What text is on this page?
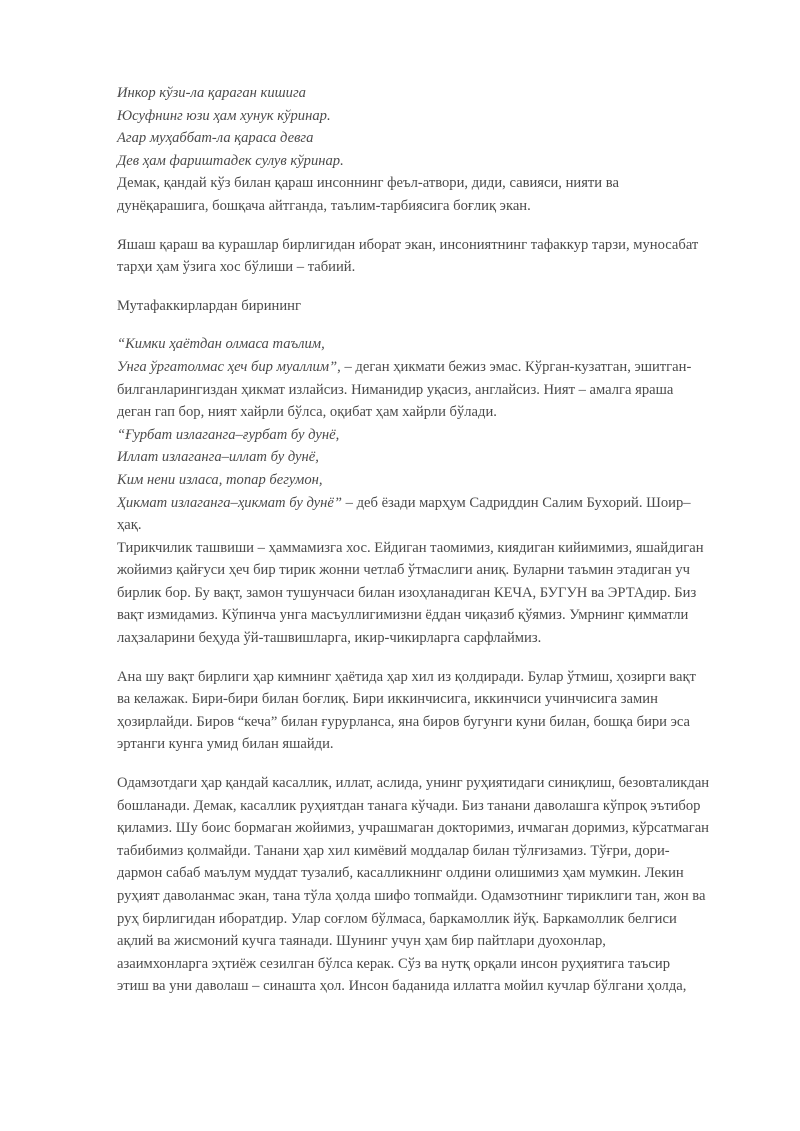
Инкор кўзи-ла қараган кишига
Юсуфнинг юзи ҳам хунук кўринар.
Агар муҳаббат-ла қараса девга
Дев ҳам фариштадек сулув кўринар.
Демак, қандай кўз билан қараш инсоннинг феъл-атвори, диди, савияси, нияти ва
дунёқарашига, бошқача айтганда, таълим-тарбиясига боғлиқ экан.
Яшаш қараш ва курашлар бирлигидан иборат экан, инсониятнинг тафаккур тарзи, муносабат
тарҳи ҳам ўзига хос бўлиши – табиий.
Мутафаккирлардан бирининг
“Кимки ҳаётдан олмаса таълим,
Унга ўргатолмас ҳеч бир муаллим”, – деган ҳикмати бежиз эмас. Кўрган-кузатган, эшитган-
билганларингиздан ҳикмат излайсиз. Ниманидир уқасиз, англайсиз. Ният – амалга ярашa
деган гап бор, ният хайрли бўлса, оқибат ҳам хайрли бўлади.
“Ғурбат излаганга–ғурбат бу дунё,
Иллат излаганга–иллат бу дунё,
Ким нени изласа, топар бегумон,
Ҳикмат излаганга–ҳикмат бу дунё” – деб ёзади марҳум Садриддин Салим Бухорий. Шоир–
ҳақ.
Тирикчилик ташвиши – ҳаммамизга хос. Ейдиган таомимиз, киядиган кийимимиз, яшайдиган
жойимиз қайғуси ҳеч бир тирик жонни четлаб ўтмаслиги аниқ. Буларни таъмин этадиган уч
бирлик бор. Бу вақт, замон тушунчаси билан изоҳланадиган КЕЧА, БУГУН ва ЭРТАдир. Биз
вақт измидамиз. Кўпинча унга масъуллигимизни ёддан чиқазиб қўямиз. Умрнинг қимматли
лаҳзаларини беҳуда ўй-ташвишларга, икир-чикирларга сарфлаймиз.
Ана шу вақт бирлиги ҳар кимнинг ҳаётида ҳар хил из қолдиради. Булар ўтмиш, ҳозирги вақт
ва келажак. Бири-бири билан боғлиқ. Бири иккинчисига, иккинчиси учинчисига замин
ҳозирлайди. Биров “кеча” билан ғурурланса, яна биров бугунги куни билан, бошқа бири эса
эртанги кунга умид билан яшайди.
Одамзотдаги ҳар қандай касаллик, иллат, аслида, унинг руҳиятидаги синиқлиш, безовталикдан
бошланади. Демак, касаллик руҳиятдан танага кўчади. Биз танани даволашга кўпроқ эътибор
қиламиз. Шу боис бормаган жойимиз, учрашмаган докторимиз, ичмаган доримиз, кўрсатмаган
табибимиз қолмайди. Танани ҳар хил кимёвий моддалар билан тўлғизамиз. Тўғри, дори-
дармон сабаб маълум муддат тузалиб, касалликнинг олдини олишимиз ҳам мумкин. Лекин
руҳият даволанмас экан, тана тўла ҳолда шифо топмайди. Одамзотнинг тириклиги тан, жон ва
руҳ бирлигидан иборатдир. Улар соғлом бўлмаса, баркамоллик йўқ. Баркамоллик белгиси
ақлий ва жисмоний кучга таянади. Шунинг учун ҳам бир пайтлари дуохонлар,
азаимхонларга эҳтиёж сезилган бўлса керак. Сўз ва нутқ орқали инсон руҳиятига таъсир
этиш ва уни даволаш – синашта ҳол. Инсон баданида иллатга мойил кучлар бўлгани ҳолда,
